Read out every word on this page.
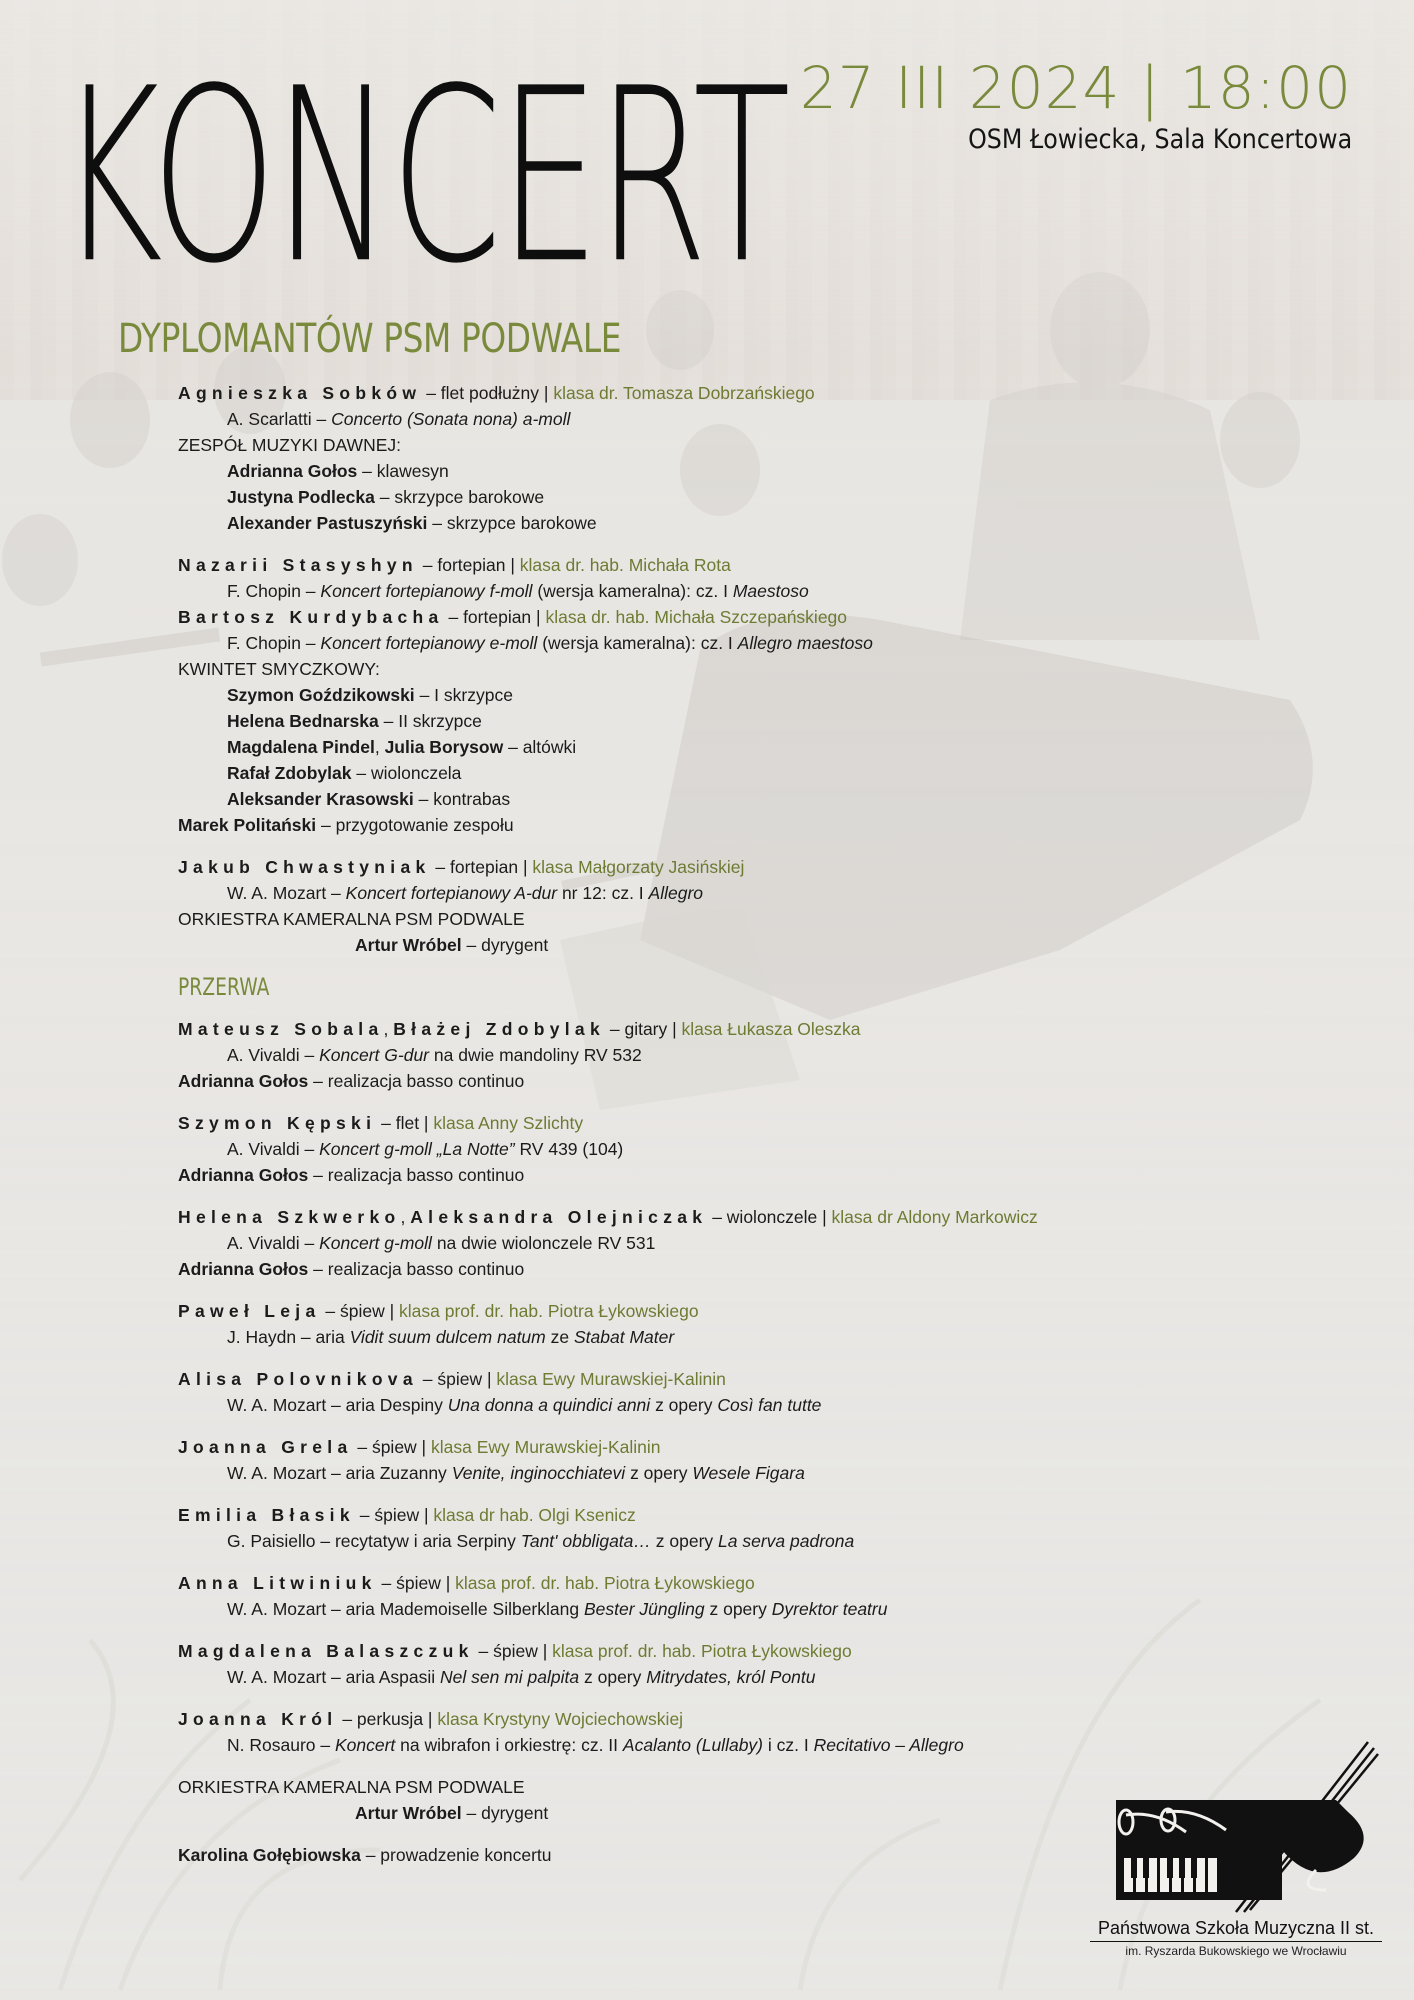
KONCERT
DYPLOMANTÓW PSM PODWALE
27 III 2024 | 18:00
OSM Łowiecka, Sala Koncertowa
Agnieszka Sobków – flet podłużny | klasa dr. Tomasza Dobrzańskiego
A. Scarlatti – Concerto (Sonata nona) a-moll
ZESPÓŁ MUZYKI DAWNEJ:
Adrianna Gołos – klawesyn
Justyna Podlecka – skrzypce barokowe
Alexander Pastuszyński – skrzypce barokowe
Nazarii Stasyshyn – fortepian | klasa dr. hab. Michała Rota
F. Chopin – Koncert fortepianowy f-moll (wersja kameralna): cz. I Maestoso
Bartosz Kurdybacha – fortepian | klasa dr. hab. Michała Szczepańskiego
F. Chopin – Koncert fortepianowy e-moll (wersja kameralna): cz. I Allegro maestoso
KWINTET SMYCZKOWY:
Szymon Goździkowski – I skrzypce
Helena Bednarska – II skrzypce
Magdalena Pindel, Julia Borysow – altówki
Rafał Zdobylak – wiolonczela
Aleksander Krasowski – kontrabas
Marek Politański – przygotowanie zespołu
Jakub Chwastyniak – fortepian | klasa Małgorzaty Jasińskiej
W. A. Mozart – Koncert fortepianowy A-dur nr 12: cz. I Allegro
ORKIESTRA KAMERALNA PSM PODWALE
Artur Wróbel – dyrygent
PRZERWA
Mateusz Sobala, Błażej Zdobylak – gitary | klasa Łukasza Oleszka
A. Vivaldi – Koncert G-dur na dwie mandoliny RV 532
Adrianna Gołos – realizacja basso continuo
Szymon Kępski – flet | klasa Anny Szlichty
A. Vivaldi – Koncert g-moll „La Notte” RV 439 (104)
Adrianna Gołos – realizacja basso continuo
Helena Szkwerko, Aleksandra Olejniczak – wiolonczele | klasa dr Aldony Markowicz
A. Vivaldi – Koncert g-moll na dwie wiolonczele RV 531
Adrianna Gołos – realizacja basso continuo
Paweł Leja – śpiew | klasa prof. dr. hab. Piotra Łykowskiego
J. Haydn – aria Vidit suum dulcem natum ze Stabat Mater
Alisa Polovnikova – śpiew | klasa Ewy Murawskiej-Kalinin
W. A. Mozart – aria Despiny Una donna a quindici anni z opery Così fan tutte
Joanna Grela – śpiew | klasa Ewy Murawskiej-Kalinin
W. A. Mozart – aria Zuzanny Venite, inginocchiatevi z opery Wesele Figara
Emilia Błasik – śpiew | klasa dr hab. Olgi Ksenicz
G. Paisiello – recytatyw i aria Serpiny Tant' obbligata… z opery La serva padrona
Anna Litwiniuk – śpiew | klasa prof. dr. hab. Piotra Łykowskiego
W. A. Mozart – aria Mademoiselle Silberklang Bester Jüngling z opery Dyrektor teatru
Magdalena Balaszczuk – śpiew | klasa prof. dr. hab. Piotra Łykowskiego
W. A. Mozart – aria Aspasii Nel sen mi palpita z opery Mitrydates, król Pontu
Joanna Król – perkusja | klasa Krystyny Wojciechowskiej
N. Rosauro – Koncert na wibrafon i orkiestrę: cz. II Acalanto (Lullaby) i cz. I Recitativo – Allegro
ORKIESTRA KAMERALNA PSM PODWALE
Artur Wróbel – dyrygent
Karolina Gołębiowska – prowadzenie koncertu
Państwowa Szkoła Muzyczna II st.
im. Ryszarda Bukowskiego we Wrocławiu
